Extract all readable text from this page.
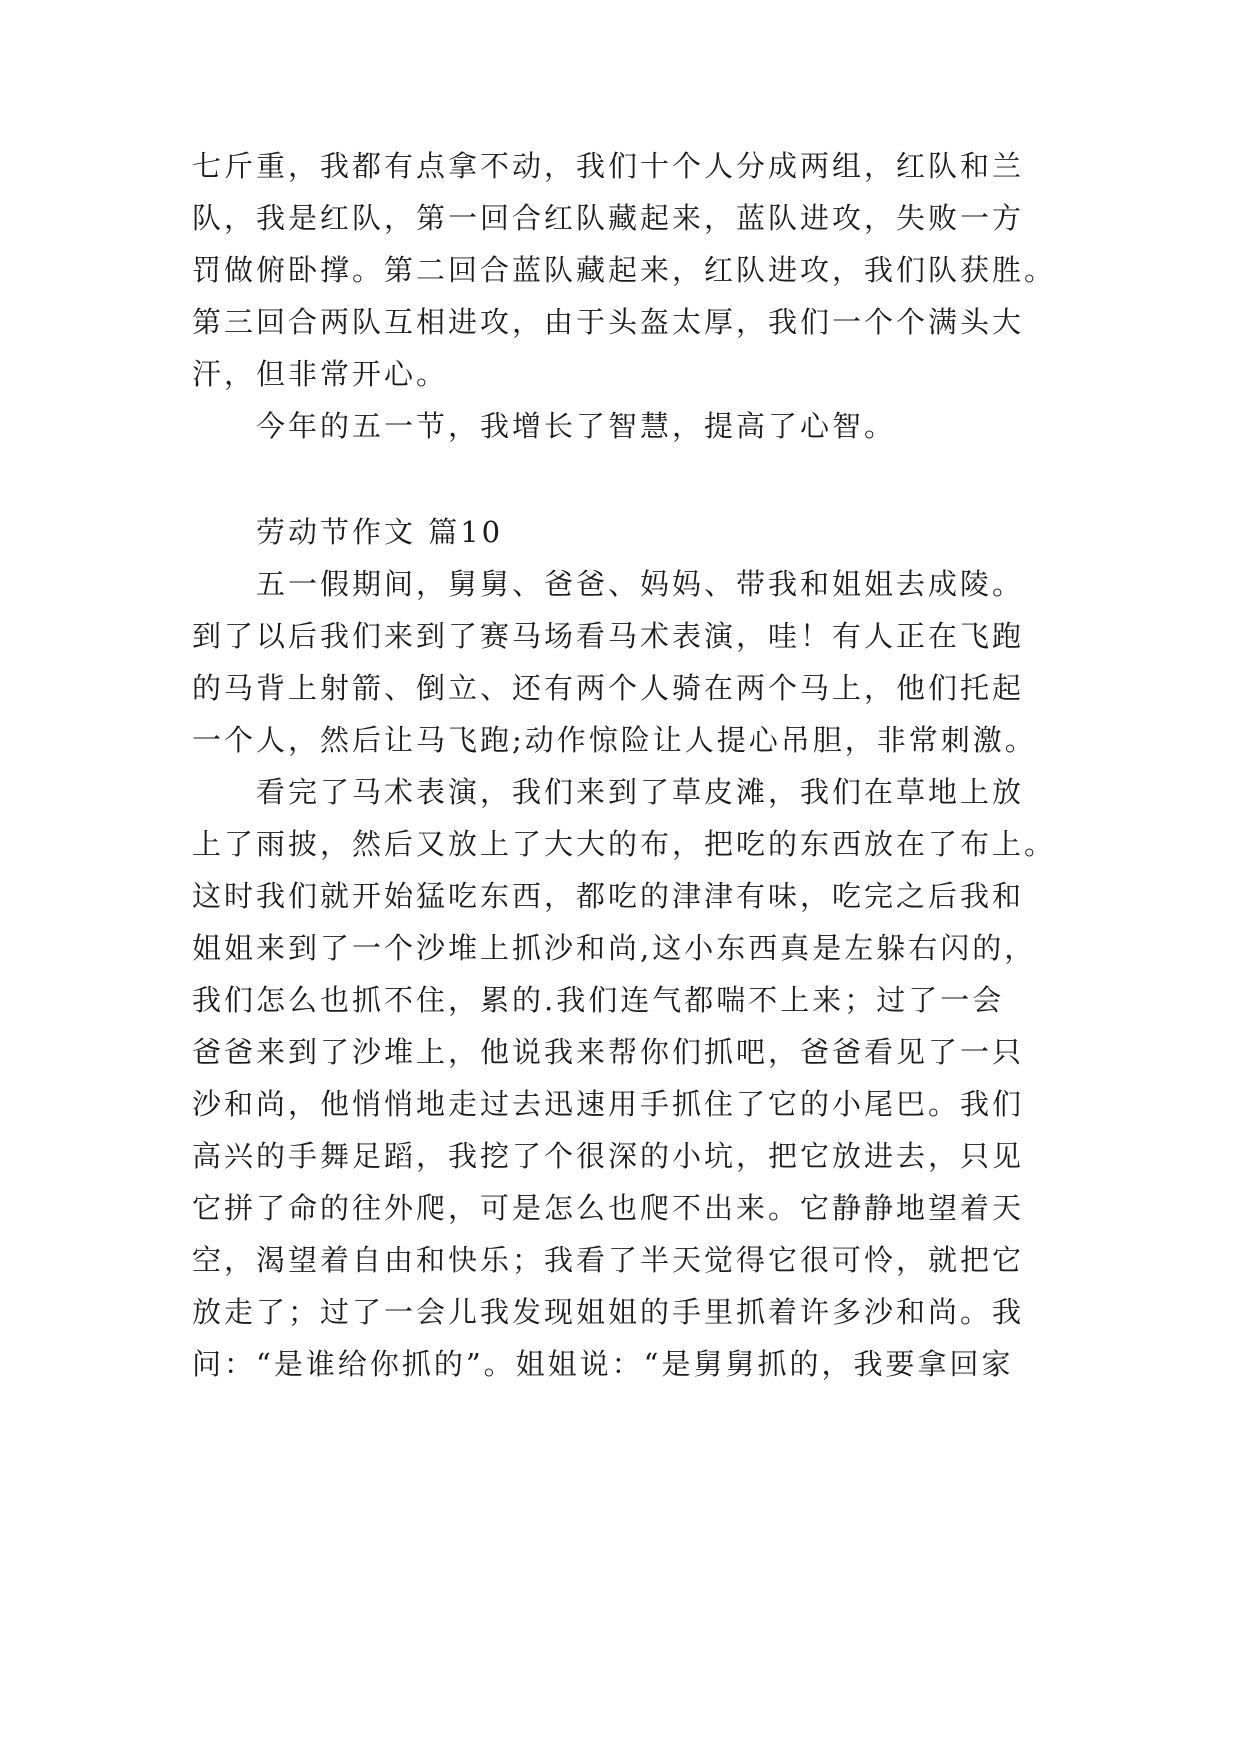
七斤重，我都有点拿不动，我们十个人分成两组，红队和兰
队，我是红队，第一回合红队藏起来，蓝队进攻，失败一方
罚做俯卧撑。第二回合蓝队藏起来，红队进攻，我们队获胜。
第三回合两队互相进攻，由于头盔太厚，我们一个个满头大
汗，但非常开心。
今年的五一节，我增长了智慧，提高了心智。
劳动节作文 篇10
五一假期间，舅舅、爸爸、妈妈、带我和姐姐去成陵。
到了以后我们来到了赛马场看马术表演，哇！有人正在飞跑
的马背上射箭、倒立、还有两个人骑在两个马上，他们托起
一个人，然后让马飞跑;动作惊险让人提心吊胆，非常刺激。
看完了马术表演，我们来到了草皮滩，我们在草地上放
上了雨披，然后又放上了大大的布，把吃的东西放在了布上。
这时我们就开始猛吃东西，都吃的津津有味，吃完之后我和
姐姐来到了一个沙堆上抓沙和尚,这小东西真是左躲右闪的，
我们怎么也抓不住，累的.我们连气都喘不上来；过了一会
爸爸来到了沙堆上，他说我来帮你们抓吧，爸爸看见了一只
沙和尚，他悄悄地走过去迅速用手抓住了它的小尾巴。我们
高兴的手舞足蹈，我挖了个很深的小坑，把它放进去，只见
它拼了命的往外爬，可是怎么也爬不出来。它静静地望着天
空，渴望着自由和快乐；我看了半天觉得它很可怜，就把它
放走了；过了一会儿我发现姐姐的手里抓着许多沙和尚。我
问：“是谁给你抓的”。姐姐说：“是舅舅抓的，我要拿回家
